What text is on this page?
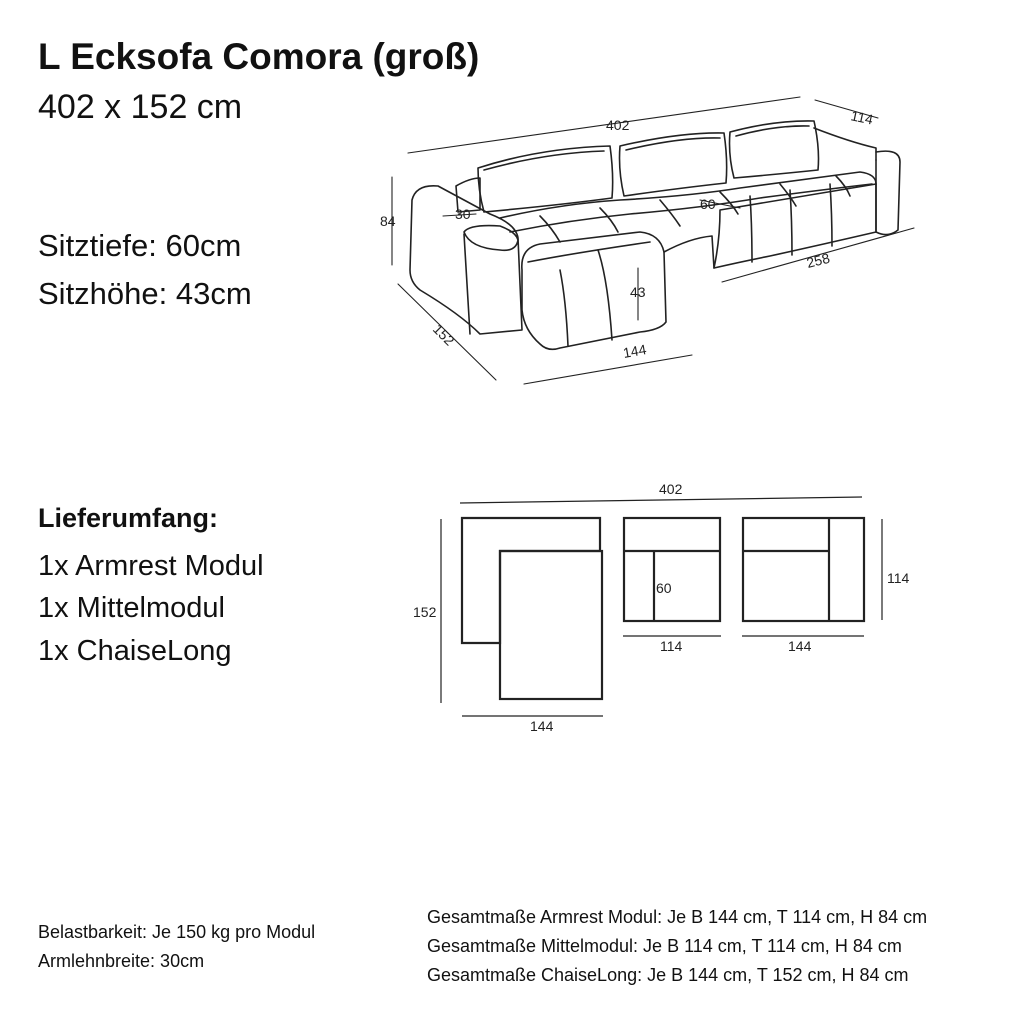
L Ecksofa Comora (groß)
402 x 152 cm
Sitztiefe: 60cm
Sitzhöhe: 43cm
Lieferumfang:
1x Armrest Modul
1x Mittelmodul
1x ChaiseLong
402	114
84	30
60
43
258
152
144
402
152
144
60
114	144
114
Belastbarkeit: Je 150 kg pro Modul
Armlehnbreite: 30cm
Gesamtmaße Armrest Modul: Je B 144 cm, T 114 cm, H 84 cm
Gesamtmaße Mittelmodul: Je B 114 cm, T 114 cm, H 84 cm
Gesamtmaße ChaiseLong: Je B 144 cm, T 152 cm, H 84 cm
